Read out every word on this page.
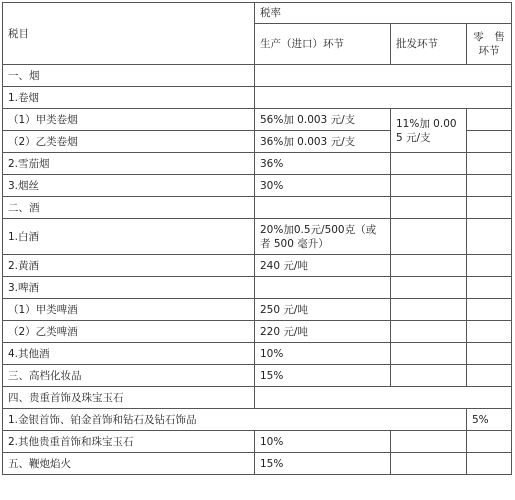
税目	税率		
	生产（进口）环节	批发环节	零　售
环节
一、烟			
1.卷烟			
（1）甲类卷烟	56%加 0.003 元/支	11%加 0.005 元/支	
（2）乙类卷烟	36%加 0.003 元/支		
2.雪茄烟	36%		
3.烟丝	30%		
二、酒			
1.白酒	20%加0.5元/500克（或者 500 毫升）		
2.黄酒	240 元/吨		
3.啤酒			
（1）甲类啤酒	250 元/吨		
（2）乙类啤酒	220 元/吨		
4.其他酒	10%		
三、高档化妆品	15%		
四、贵重首饰及珠宝玉石			
1.金银首饰、铂金首饰和钻石及钻石饰品			5%
2.其他贵重首饰和珠宝玉石	10%		
五、鞭炮焰火	15%		
